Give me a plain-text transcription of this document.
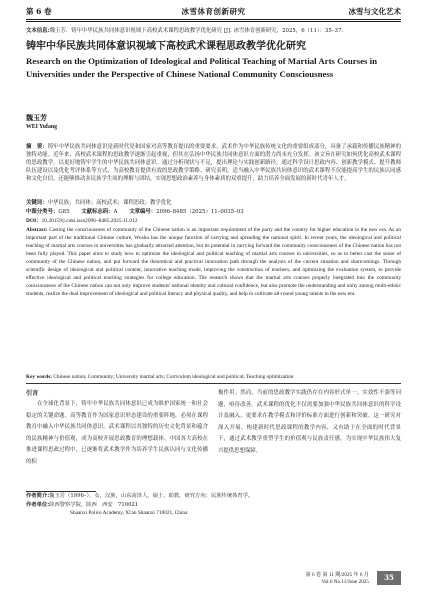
第 6 卷	冰雪体育创新研究	冰雪与文化艺术
文本信息:魏玉芳．铸牢中华民族共同体意识视域下高校武术课程思政教学优化研究 [J]. 冰雪体育创新研究，2025，6（11）：35–37.
铸牢中华民族共同体意识视域下高校武术课程思政教学优化研究
Research on the Optimization of Ideological and Political Teaching of Martial Arts Courses in Universities under the Perspective of Chinese National Community Consciousness
魏玉芳
WEI Yufang
摘　要：铸牢中华民族共同体意识是新时代党和国家对高等教育提出的重要要求。武术作为中华民族传统文化的重要组成部分，具备了承载和传播民族精神的独特功能。近年来，高校武术课程的思政教学逐渐引起重视，但其在弘扬中华民族共同体意识方面的潜力尚未充分发挥。该文旨在研究如何优化高校武术课程的思政教学，以更好地铸牢学生的中华民族共同体意识。通过分析现状与不足，提出理论与实践创新路径。通过科学设计思政内容、创新教学模式、提升教师队伍建设以及优化考评体系等方式，为高校教育提供有效的思政教学策略。研究表明，适当融入中华民族共同体意识的武术课程不仅能提高学生的民族认同感和文化自信，还能够推动多民族学生间的理解与团结，实现思想政治素养与身体素质的双重提升，助力培养全面发展的新时代青年人才。
关键词：中华民族；共同体；高校武术；课程思政；教学优化
中图分类号：G85 文献标志码：A 文章编号：2096–8485（2025）11–0035–03
DOI：10.20159/j.cnki.issn2096–8485.2025.11.012
Abstract: Casting the consciousness of community of the Chinese nation is an important requirement of the party and the country for higher education in the new era. As an important part of the traditional Chinese culture, Wushu has the unique function of carrying and spreading the national spirit. In recent years, the ideological and political teaching of martial arts courses in universities has gradually attracted attention, but its potential in carrying forward the community consciousness of the Chinese nation has not been fully played. This paper aims to study how to optimize the ideological and political teaching of martial arts courses in universities, so as to better cast the sense of community of the Chinese nation, and put forward the theoretical and practical innovation path through the analysis of the current situation and shortcomings. Through scientific design of ideological and political content, innovative teaching mode, improving the construction of teachers, and optimizing the evaluation system, to provide effective ideological and political teaching strategies for college education. The research shows that the martial arts courses properly integrated into the community consciousness of the Chinese nation can not only improve students' national identity and cultural confidence, but also promote the understanding and unity among multi-ethnic students, realize the dual improvement of ideological and political literacy and physical quality, and help to cultivate all-round young talents in the new era.
Key words: Chinese nation; Community; University martial arts; Curriculum ideological and political; Teaching optimization
引言
在全球化背景下，铸牢中华民族共同体意识已成为维护国家统一和社会稳定的关键命题。高等教育作为国家意识形态建设的重要阵地，必须在课程教育中融入中华民族共同体意识。武术课程以其独特的历史文化背景和蕴含的民族精神与价值观，成为高校开展思政教育的理想载体。中国各大高校在推进课程思政过程中，已逐渐将武术教学作为培养学生民族认同与文化传播的积
极作用。然而，当前的思政教学实践仍存在内容形式单一、实效性不强等问题，亟待改善。武术课程的优化不仅需要加强中华民族共同体意识的科学设计及融入，更要求在教学模式和评价标准方面进行创新和突破。这一研究对深入开展、构建新时代思政课程的教学内容，又有助于在全面的时代背景下，通过武术教学重塑学生的价值观与民族责任感，为实现中华民族伟大复兴提供思想保障。
作者简介:魏玉芳（1996–），女，汉族，山东菏泽人，硕士，助教，研究方向：民族传统体育学。
作者单位:陕西警察学院，陕西　西安　710021
Shaanxi Police Academy, Xi'an Shaanxi 710021, China
第 6 卷 第 11 期/2025 年 6 月
Vol.6 No.11/June 2025	35
